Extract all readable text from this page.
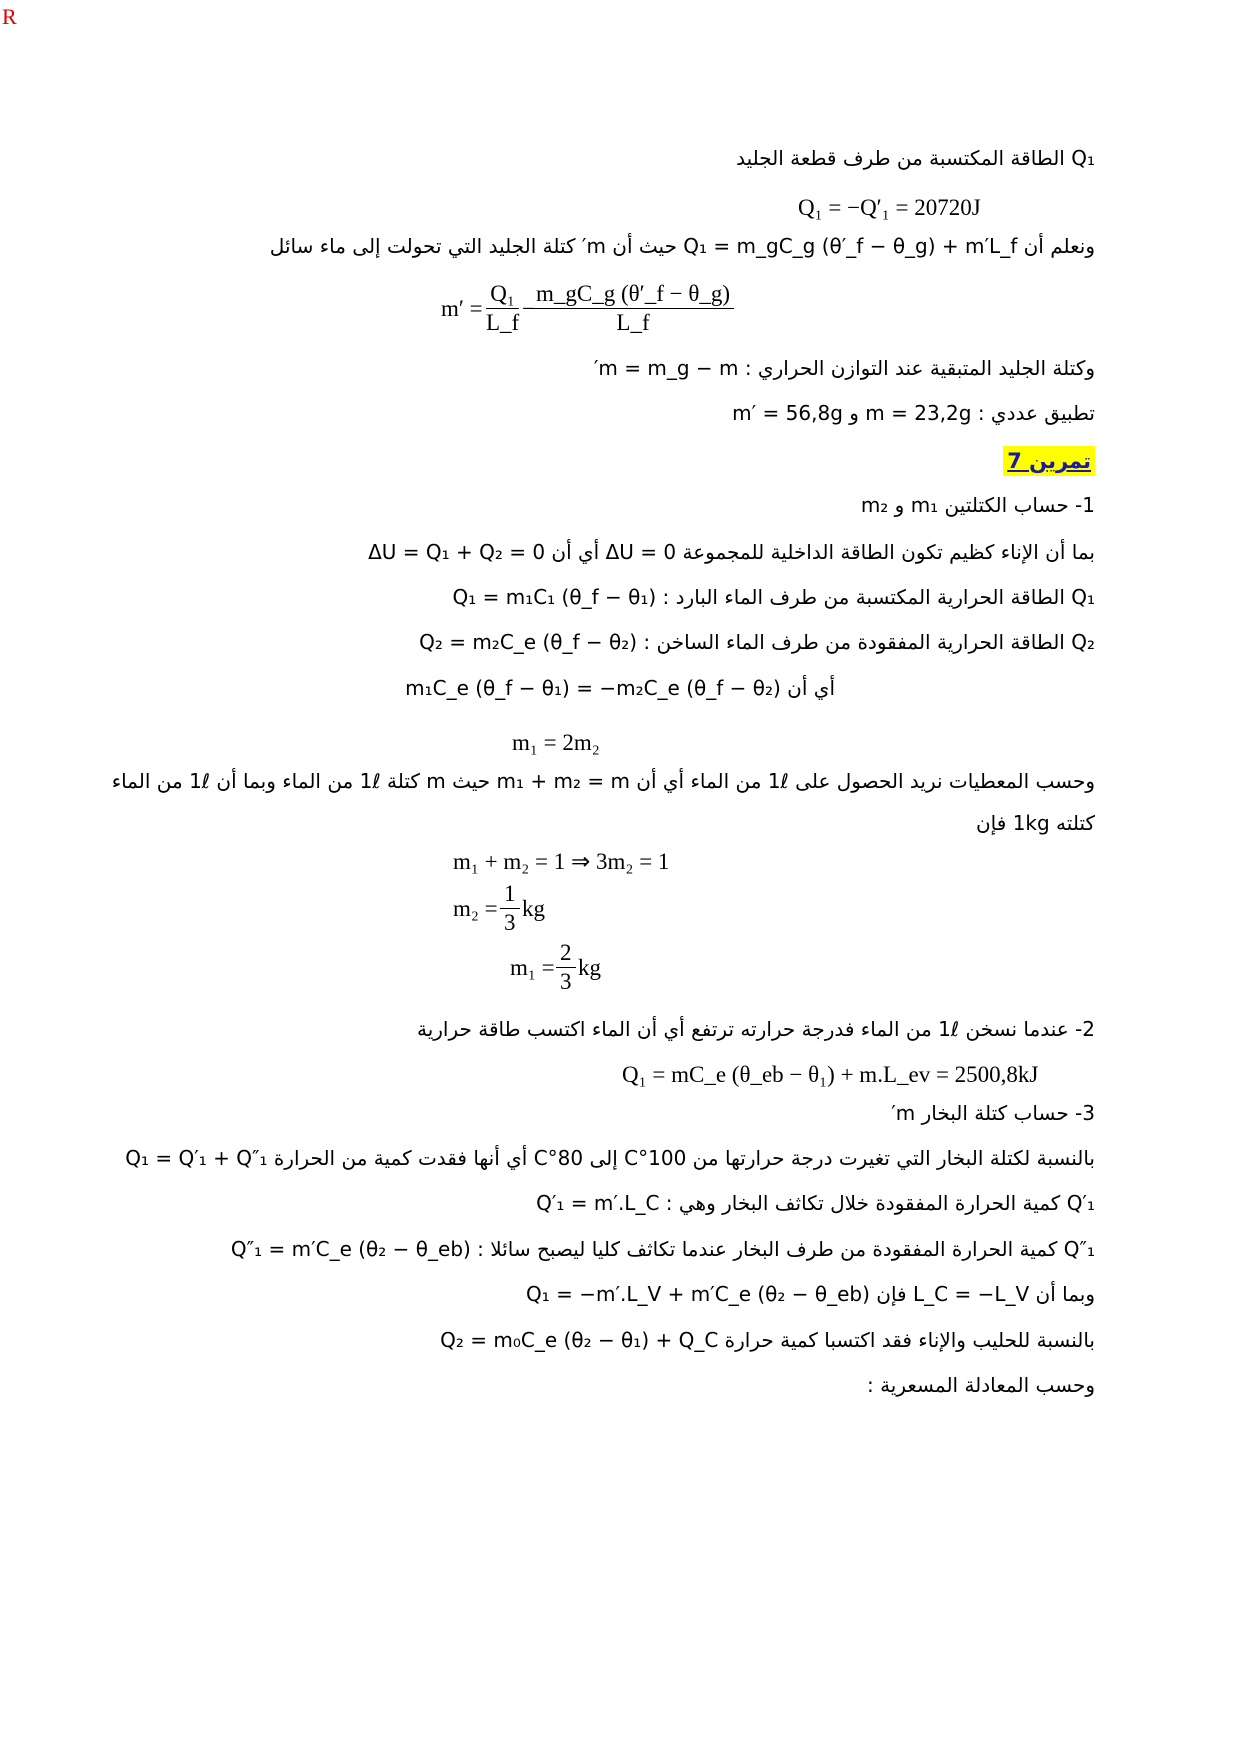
R
Q₁ الطاقة المكتسبة من طرف قطعة الجليد
Q₁ = −Q′₁ = 20720J
ونعلم أن Q₁ = m_gC_g (θ′_f − θ_g) + m′L_f حيث أن m′ كتلة الجليد التي تحولت إلى ماء سائل
$m' = \frac{\text{Q₁}}{L\_f}$ −
$\frac{m\_gC\_g (\theta'\_f - \theta\_g)}{L\_f}$
وكتلة الجليد المتبقية عند التوازن الحراري : m = m_g − m′
تطبيق عددي : m = 23,2g و m′ = 56,8g
تمرين 7
1- حساب الكتلتين m₁ و m₂
بما أن الإناء كظيم تكون الطاقة الداخلية للمجموعة ΔU = 0 أي أن ΔU = Q₁ + Q₂ = 0
Q₁ الطاقة الحرارية المكتسبة من طرف الماء البارد : Q₁ = m₁C₁ (θ_f − θ₁)
Q₂ الطاقة الحرارية المفقودة من طرف الماء الساخن : Q₂ = m₂C_e (θ_f − θ₂)
أي أن m₁C_e (θ_f − θ₁) = −m₂C_e (θ_f − θ₂)
m₁ = 2m₂
وحسب المعطيات نريد الحصول على 1ℓ من الماء أي أن m₁ + m₂ = m حيث m كتلة 1ℓ من الماء وبما أن 1ℓ من الماء
كتلته 1kg فإن
m₁ + m₂ = 1 ⇒ 3m₂ = 1
$m_2 = \frac{1}{3}$ kg
$m_1 = \frac{2}{3}$ kg
2- عندما نسخن 1ℓ من الماء فدرجة حرارته ترتفع أي أن الماء اكتسب طاقة حرارية
Q₁ = mC_e (θ_eb − θ₁) + m.L_ev = 2500,8kJ
3- حساب كتلة البخار m′
بالنسبة لكتلة البخار التي تغيرت درجة حرارتها من 100°C إلى 80°C أي أنها فقدت كمية من الحرارة Q₁ = Q′₁ + Q″₁
Q′₁ كمية الحرارة المفقودة خلال تكاثف البخار وهي : Q′₁ = m′.L_C
Q″₁ كمية الحرارة المفقودة من طرف البخار عندما تكاثف كليا ليصبح سائلا : Q″₁ = m′C_e (θ₂ − θ_eb)
وبما أن L_C = −L_V فإن Q₁ = −m′.L_V + m′C_e (θ₂ − θ_eb)
بالنسبة للحليب والإناء فقد اكتسبا كمية حرارة Q₂ = m₀C_e (θ₂ − θ₁) + Q_C
وحسب المعادلة المسعرية :
